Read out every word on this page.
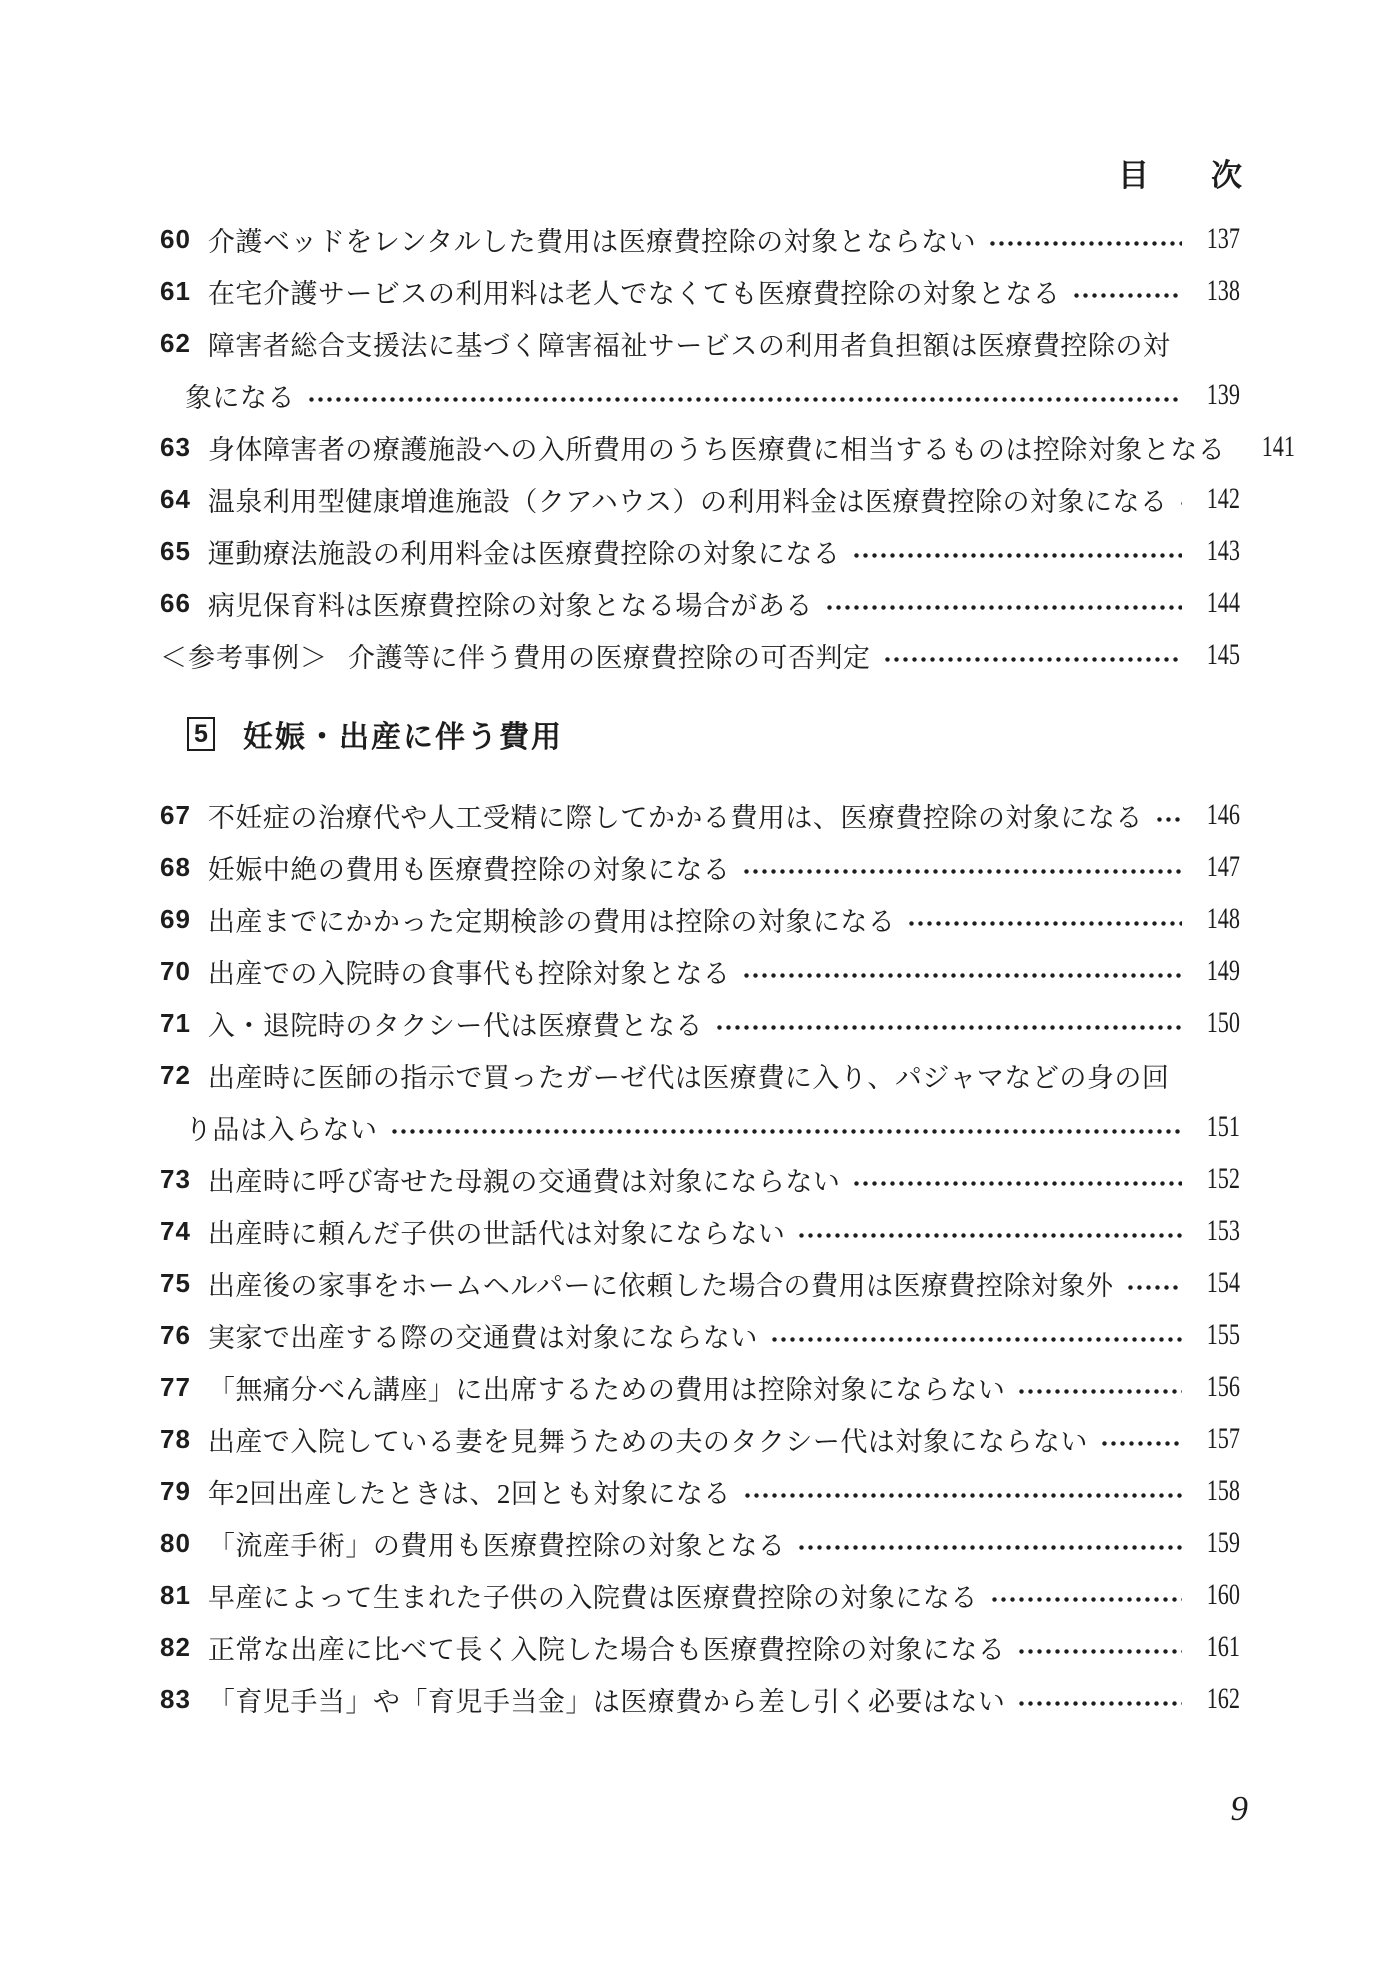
目次
60 介護ベッドをレンタルした費用は医療費控除の対象とならない	137
61 在宅介護サービスの利用料は老人でなくても医療費控除の対象となる	138
62 障害者総合支援法に基づく障害福祉サービスの利用者負担額は医療費控除の対
象になる	139
63 身体障害者の療護施設への入所費用のうち医療費に相当するものは控除対象となる 141
64 温泉利用型健康増進施設（クアハウス）の利用料金は医療費控除の対象になる 142
65 運動療法施設の利用料金は医療費控除の対象になる	143
66 病児保育料は医療費控除の対象となる場合がある	144
＜参考事例＞ 介護等に伴う費用の医療費控除の可否判定	145
5 妊娠・出産に伴う費用
67 不妊症の治療代や人工受精に際してかかる費用は、医療費控除の対象になる 146
68 妊娠中絶の費用も医療費控除の対象になる	147
69 出産までにかかった定期検診の費用は控除の対象になる	148
70 出産での入院時の食事代も控除対象となる	149
71 入・退院時のタクシー代は医療費となる	150
72 出産時に医師の指示で買ったガーゼ代は医療費に入り、パジャマなどの身の回
り品は入らない	151
73 出産時に呼び寄せた母親の交通費は対象にならない	152
74 出産時に頼んだ子供の世話代は対象にならない	153
75 出産後の家事をホームヘルパーに依頼した場合の費用は医療費控除対象外	154
76 実家で出産する際の交通費は対象にならない	155
77 「無痛分べん講座」に出席するための費用は控除対象にならない	156
78 出産で入院している妻を見舞うための夫のタクシー代は対象にならない	157
79 年2回出産したときは、2回とも対象になる	158
80 「流産手術」の費用も医療費控除の対象となる	159
81 早産によって生まれた子供の入院費は医療費控除の対象になる	160
82 正常な出産に比べて長く入院した場合も医療費控除の対象になる	161
83 「育児手当」や「育児手当金」は医療費から差し引く必要はない	162
9
